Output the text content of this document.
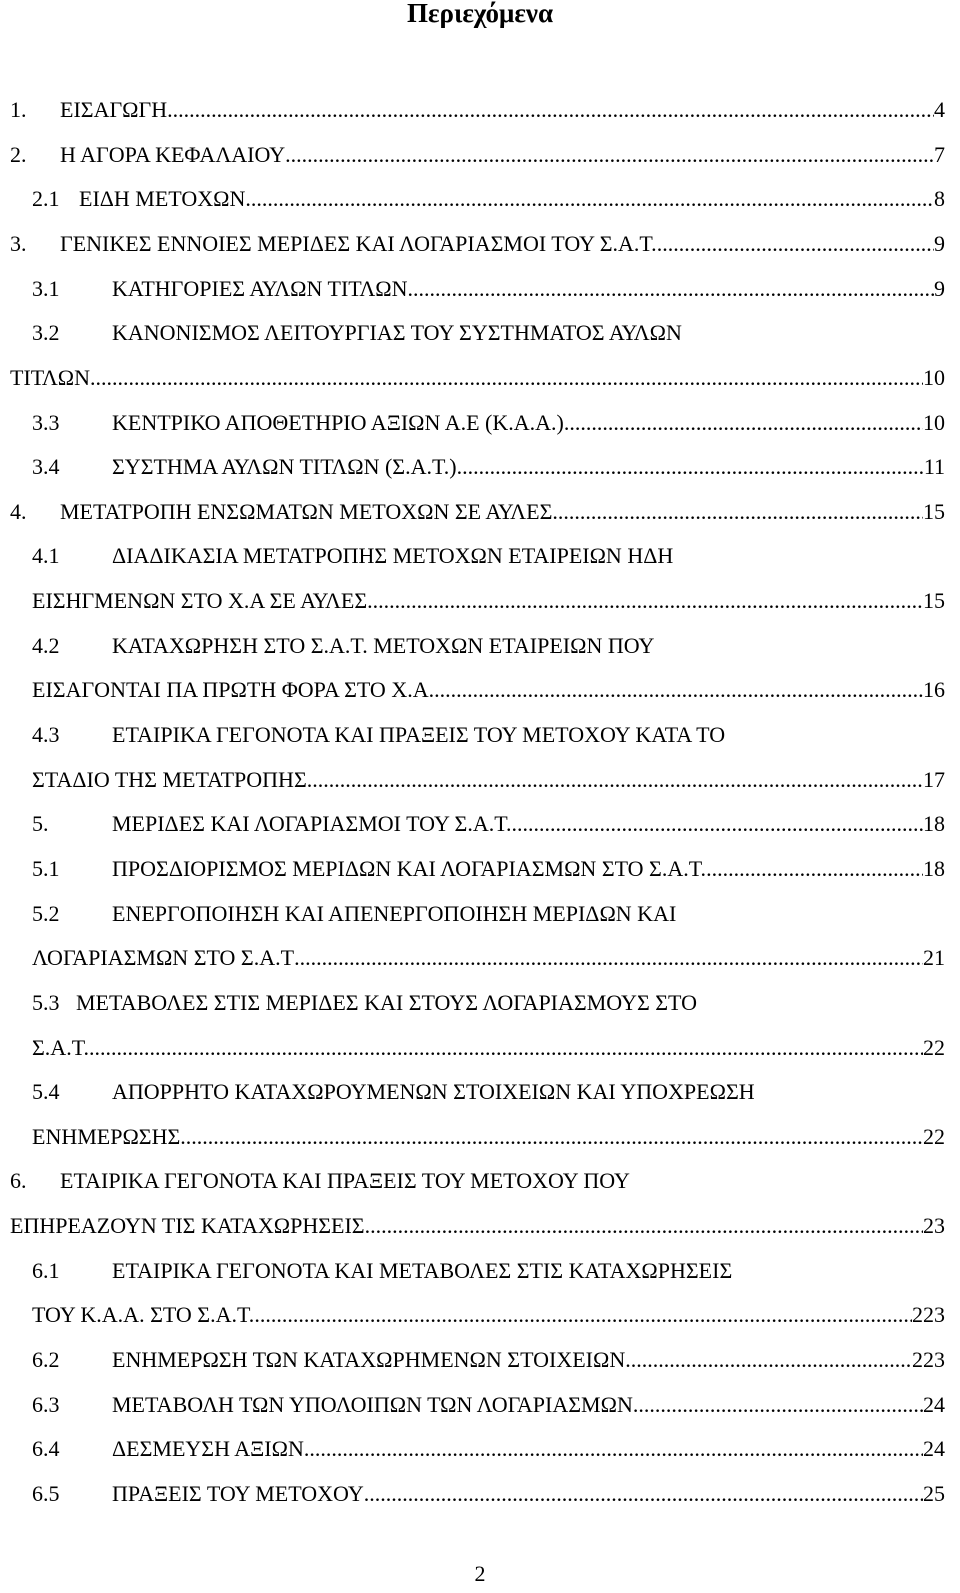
Περιεχόμενα
1.	ΕΙΣΑΓΩΓΗ .....	4
2.	Η ΑΓΟΡΑ ΚΕΦΑΛΑΙΟΥ .....	7
2.1 ΕΙΔΗ ΜΕΤΟΧΩΝ .....	8
3.	ΓΕΝΙΚΕΣ ΕΝΝΟΙΕΣ ΜΕΡΙΔΕΣ ΚΑΙ ΛΟΓΑΡΙΑΣΜΟΙ ΤΟΥ Σ.Α.Τ. .....	9
3.1	ΚΑΤΗΓΟΡΙΕΣ ΑΥΛΩΝ ΤΙΤΛΩΝ .....	9
3.2	ΚΑΝΟΝΙΣΜΟΣ ΛΕΙΤΟΥΡΓΙΑΣ ΤΟΥ ΣΥΣΤΗΜΑΤΟΣ ΑΥΛΩΝ
ΤΙΤΛΩΝ .....	10
3.3	ΚΕΝΤΡΙΚΟ ΑΠΟΘΕΤΗΡΙΟ ΑΞΙΩΝ Α.Ε (Κ.Α.Α.) .....	10
3.4	ΣΥΣΤΗΜΑ ΑΥΛΩΝ ΤΙΤΛΩΝ (Σ.Α.Τ.) .....	11
4.	ΜΕΤΑΤΡΟΠΗ ΕΝΣΩΜΑΤΩΝ ΜΕΤΟΧΩΝ ΣΕ ΑΥΛΕΣ .....	15
4.1	ΔΙΑΔΙΚΑΣΙΑ ΜΕΤΑΤΡΟΠΗΣ ΜΕΤΟΧΩΝ ΕΤΑΙΡΕΙΩΝ ΗΔΗ
ΕΙΣΗΓΜΕΝΩΝ ΣΤΟ Χ.Α ΣΕ ΑΥΛΕΣ .....	15
4.2	ΚΑΤΑΧΩΡΗΣΗ ΣΤΟ Σ.Α.Τ. ΜΕΤΟΧΩΝ ΕΤΑΙΡΕΙΩΝ ΠΟΥ
ΕΙΣΑΓΟΝΤΑΙ ΠΑ ΠΡΩΤΗ ΦΟΡΑ ΣΤΟ Χ.Α. .....	16
4.3	ΕΤΑΙΡΙΚΑ ΓΕΓΟΝΟΤΑ ΚΑΙ ΠΡΑΞΕΙΣ ΤΟΥ ΜΕΤΟΧΟΥ ΚΑΤΑ ΤΟ
ΣΤΑΔΙΟ ΤΗΣ ΜΕΤΑΤΡΟΠΗΣ .....	17
5.	ΜΕΡΙΔΕΣ ΚΑΙ ΛΟΓΑΡΙΑΣΜΟΙ ΤΟΥ Σ.Α.Τ. .....	18
5.1	ΠΡΟΣΔΙΟΡΙΣΜΟΣ ΜΕΡΙΔΩΝ ΚΑΙ ΛΟΓΑΡΙΑΣΜΩΝ ΣΤΟ Σ.Α.Τ. .....	18
5.2	ΕΝΕΡΓΟΠΟΙΗΣΗ ΚΑΙ ΑΠΕΝΕΡΓΟΠΟΙΗΣΗ ΜΕΡΙΔΩΝ ΚΑΙ
ΛΟΓΑΡΙΑΣΜΩΝ ΣΤΟ Σ.Α.Τ .....	21
5.3 ΜΕΤΑΒΟΛΕΣ ΣΤΙΣ ΜΕΡΙΔΕΣ ΚΑΙ ΣΤΟΥΣ ΛΟΓΑΡΙΑΣΜΟΥΣ ΣΤΟ
Σ.Α.Τ. .....	22
5.4	ΑΠΟΡΡΗΤΟ ΚΑΤΑΧΩΡΟΥΜΕΝΩΝ ΣΤΟΙΧΕΙΩΝ ΚΑΙ ΥΠΟΧΡΕΩΣΗ
ΕΝΗΜΕΡΩΣΗΣ .....	22
6.	ΕΤΑΙΡΙΚΑ ΓΕΓΟΝΟΤΑ ΚΑΙ ΠΡΑΞΕΙΣ ΤΟΥ ΜΕΤΟΧΟΥ ΠΟΥ
ΕΠΗΡΕΑΖΟΥΝ ΤΙΣ ΚΑΤΑΧΩΡΗΣΕΙΣ .....	23
6.1	ΕΤΑΙΡΙΚΑ ΓΕΓΟΝΟΤΑ ΚΑΙ ΜΕΤΑΒΟΛΕΣ ΣΤΙΣ ΚΑΤΑΧΩΡΗΣΕΙΣ
ΤΟΥ Κ.Α.Α. ΣΤΟ Σ.Α.Τ. .....	223
6.2	ΕΝΗΜΕΡΩΣΗ ΤΩΝ ΚΑΤΑΧΩΡΗΜΕΝΩΝ ΣΤΟΙΧΕΙΩΝ .....	223
6.3	ΜΕΤΑΒΟΛΗ ΤΩΝ ΥΠΟΛΟΙΠΩΝ ΤΩΝ ΛΟΓΑΡΙΑΣΜΩΝ .....	24
6.4	ΔΕΣΜΕΥΣΗ ΑΞΙΩΝ .....	24
6.5	ΠΡΑΞΕΙΣ ΤΟΥ ΜΕΤΟΧΟΥ .....	25
2
